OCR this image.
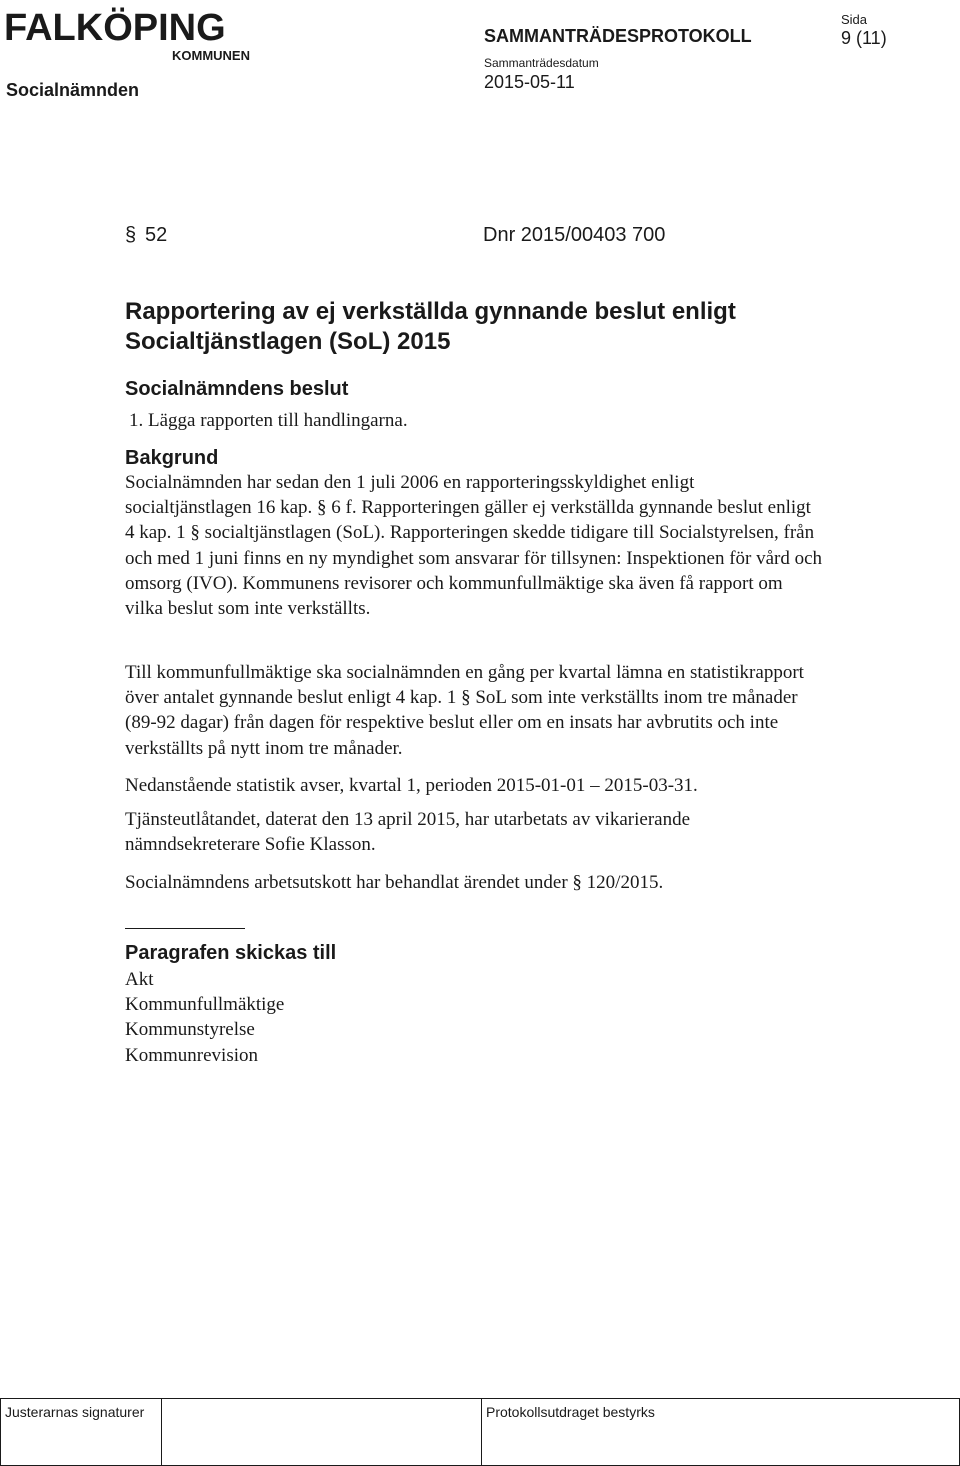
FALKÖPING
KOMMUNEN
SAMMANTRÄDESPROTOKOLL
Sida
9 (11)
Socialnämnden
Sammanträdesdatum
2015-05-11
§ 52	Dnr 2015/00403 700
Rapportering av ej verkställda gynnande beslut enligt Socialtjänstlagen (SoL) 2015
Socialnämndens beslut

1. Lägga rapporten till handlingarna.

Bakgrund

Socialnämnden har sedan den 1 juli 2006 en rapporteringsskyldighet enligt socialtjänstlagen 16 kap. § 6 f. Rapporteringen gäller ej verkställda gynnande beslut enligt 4 kap. 1 § socialtjänstlagen (SoL). Rapporteringen skedde tidigare till Socialstyrelsen, från och med 1 juni finns en ny myndighet som ansvarar för tillsynen: Inspektionen för vård och omsorg (IVO). Kommunens revisorer och kommunfullmäktige ska även få rapport om vilka beslut som inte verkställts.

Till kommunfullmäktige ska socialnämnden en gång per kvartal lämna en statistikrapport över antalet gynnande beslut enligt 4 kap. 1 § SoL som inte verkställts inom tre månader (89-92 dagar) från dagen för respektive beslut eller om en insats har avbrutits och inte verkställts på nytt inom tre månader.

Nedanstående statistik avser, kvartal 1, perioden 2015-01-01 – 2015-03-31.

Tjänsteutlåtandet, daterat den 13 april 2015, har utarbetats av vikarierande nämndsekreterare Sofie Klasson.

Socialnämndens arbetsutskott har behandlat ärendet under § 120/2015.

Paragrafen skickas till
Akt
Kommunfullmäktige
Kommunstyrelse
Kommunrevision
Justerarnas signaturer	Protokollsutdraget bestyrks
